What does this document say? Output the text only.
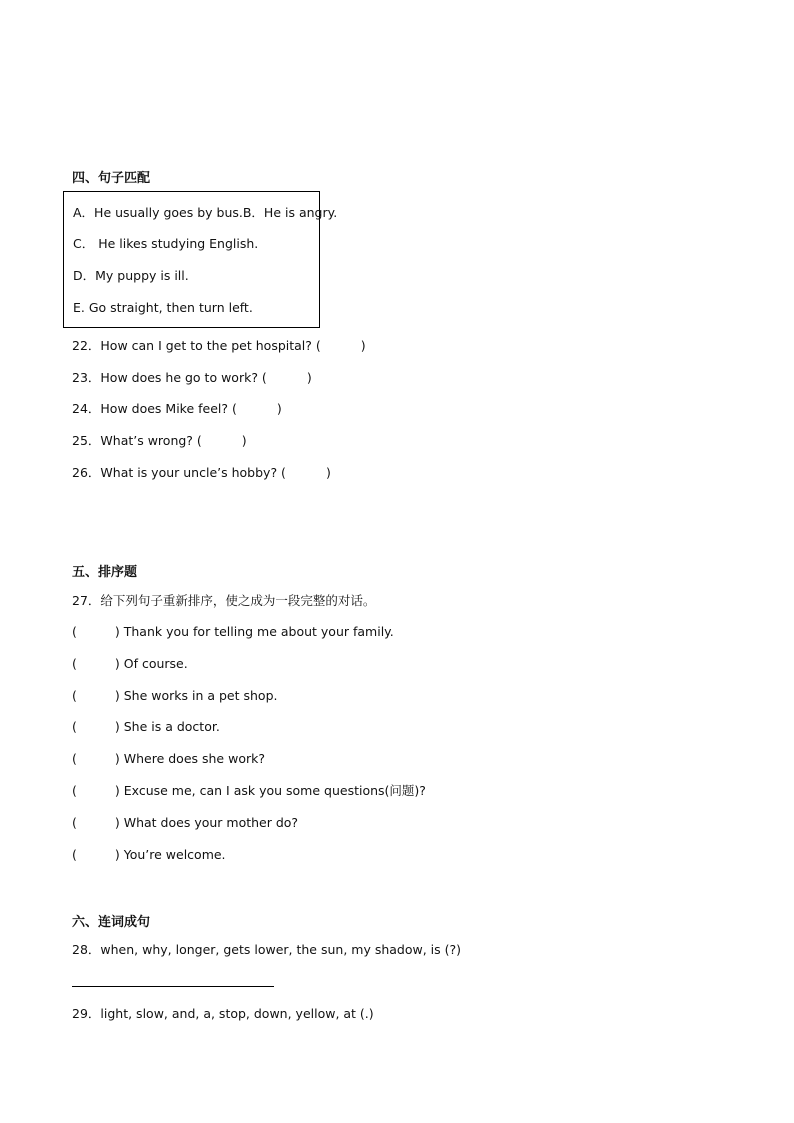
四、句子匹配
A．He usually goes by bus.B．He is angry.
C． He likes studying English.
D．My puppy is ill.
E. Go straight, then turn left.
22．How can I get to the pet hospital? (	)
23．How does he go to work? (	)
24．How does Mike feel? (	)
25．What’s wrong? (	)
26．What is your uncle’s hobby? (	)
五、排序题
27．给下列句子重新排序，使之成为一段完整的对话。
(	) Thank you for telling me about your family.
(	) Of course.
(	) She works in a pet shop.
(	) She is a doctor.
(	) Where does she work?
(	) Excuse me, can I ask you some questions(问题)?
(	) What does your mother do?
(	) You’re welcome.
六、连词成句
28．when, why, longer, gets lower, the sun, my shadow, is (?)
29．light, slow, and, a, stop, down, yellow, at (.)
